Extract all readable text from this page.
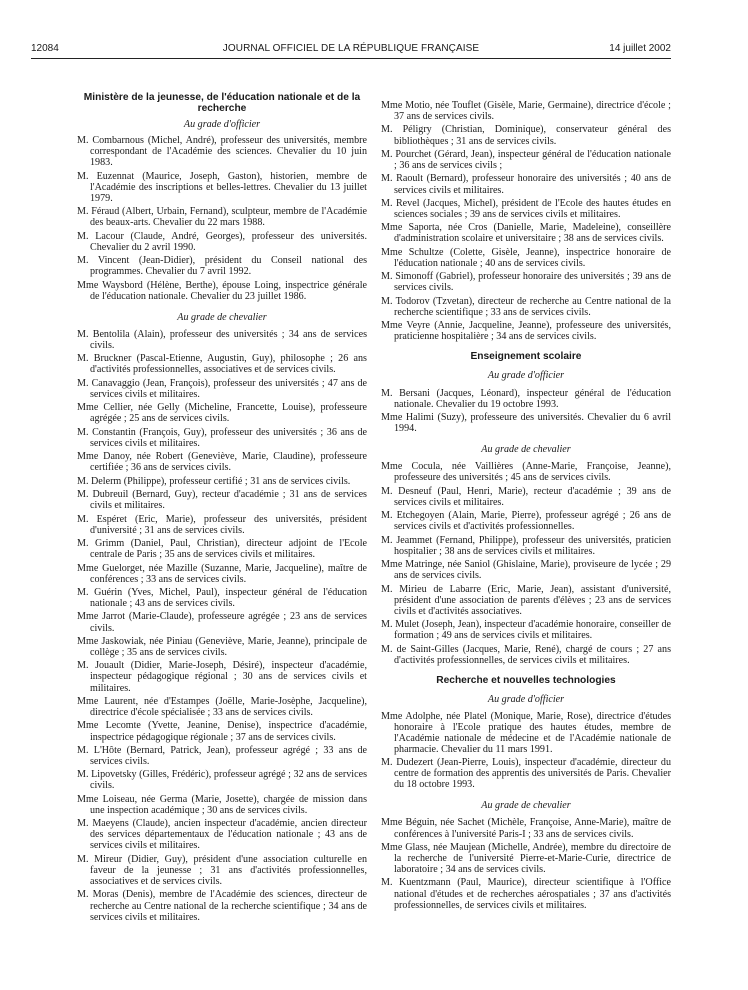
12084	JOURNAL OFFICIEL DE LA RÉPUBLIQUE FRANÇAISE	14 juillet 2002
Ministère de la jeunesse, de l'éducation nationale et de la recherche
Au grade d'officier

M. Combarnous (Michel, André), professeur des universités, membre correspondant de l'Académie des sciences. Chevalier du 10 juin 1983.

M. Euzennat (Maurice, Joseph, Gaston), historien, membre de l'Académie des inscriptions et belles-lettres. Chevalier du 13 juillet 1979.

M. Féraud (Albert, Urbain, Fernand), sculpteur, membre de l'Académie des beaux-arts. Chevalier du 22 mars 1988.

M. Lacour (Claude, André, Georges), professeur des universités. Chevalier du 2 avril 1990.

M. Vincent (Jean-Didier), président du Conseil national des programmes. Chevalier du 7 avril 1992.

Mme Waysbord (Hélène, Berthe), épouse Loing, inspectrice générale de l'éducation nationale. Chevalier du 23 juillet 1986.

Au grade de chevalier

M. Bentolila (Alain), professeur des universités ; 34 ans de services civils.

M. Bruckner (Pascal-Etienne, Augustin, Guy), philosophe ; 26 ans d'activités professionnelles, associatives et de services civils.

M. Canavaggio (Jean, François), professeur des universités ; 47 ans de services civils et militaires.

Mme Cellier, née Gelly (Micheline, Francette, Louise), professeure agrégée ; 25 ans de services civils.

M. Constantin (François, Guy), professeur des universités ; 36 ans de services civils et militaires.

Mme Danoy, née Robert (Geneviève, Marie, Claudine), professeure certifiée ; 36 ans de services civils.

M. Delerm (Philippe), professeur certifié ; 31 ans de services civils.

M. Dubreuil (Bernard, Guy), recteur d'académie ; 31 ans de services civils et militaires.

M. Espéret (Eric, Marie), professeur des universités, président d'université ; 31 ans de services civils.

M. Grimm (Daniel, Paul, Christian), directeur adjoint de l'Ecole centrale de Paris ; 35 ans de services civils et militaires.

Mme Guelorget, née Mazille (Suzanne, Marie, Jacqueline), maître de conférences ; 33 ans de services civils.

M. Guérin (Yves, Michel, Paul), inspecteur général de l'éducation nationale ; 43 ans de services civils.

Mme Jarrot (Marie-Claude), professeure agrégée ; 23 ans de services civils.

Mme Jaskowiak, née Piniau (Geneviève, Marie, Jeanne), principale de collège ; 35 ans de services civils.

M. Jouault (Didier, Marie-Joseph, Désiré), inspecteur d'académie, inspecteur pédagogique régional ; 30 ans de services civils et militaires.

Mme Laurent, née d'Estampes (Joëlle, Marie-Josèphe, Jacqueline), directrice d'école spécialisée ; 33 ans de services civils.

Mme Lecomte (Yvette, Jeanine, Denise), inspectrice d'académie, inspectrice pédagogique régionale ; 37 ans de services civils.

M. L'Hôte (Bernard, Patrick, Jean), professeur agrégé ; 33 ans de services civils.

M. Lipovetsky (Gilles, Frédéric), professeur agrégé ; 32 ans de services civils.

Mme Loiseau, née Germa (Marie, Josette), chargée de mission dans une inspection académique ; 30 ans de services civils.

M. Maeyens (Claude), ancien inspecteur d'académie, ancien directeur des services départementaux de l'éducation nationale ; 43 ans de services civils et militaires.

M. Mireur (Didier, Guy), président d'une association culturelle en faveur de la jeunesse ; 31 ans d'activités professionnelles, associatives et de services civils.

M. Moras (Denis), membre de l'Académie des sciences, directeur de recherche au Centre national de la recherche scientifique ; 34 ans de services civils et militaires.

Mme Motio, née Touflet (Gisèle, Marie, Germaine), directrice d'école ; 37 ans de services civils.

M. Péligry (Christian, Dominique), conservateur général des bibliothèques ; 31 ans de services civils.

M. Pourchet (Gérard, Jean), inspecteur général de l'éducation nationale ; 36 ans de services civils ;

M. Raoult (Bernard), professeur honoraire des universités ; 40 ans de services civils et militaires.

M. Revel (Jacques, Michel), président de l'Ecole des hautes études en sciences sociales ; 39 ans de services civils et militaires.

Mme Saporta, née Cros (Danielle, Marie, Madeleine), conseillère d'administration scolaire et universitaire ; 38 ans de services civils.

Mme Schultze (Colette, Gisèle, Jeanne), inspectrice honoraire de l'éducation nationale ; 40 ans de services civils.

M. Simonoff (Gabriel), professeur honoraire des universités ; 39 ans de services civils.

M. Todorov (Tzvetan), directeur de recherche au Centre national de la recherche scientifique ; 33 ans de services civils.

Mme Veyre (Annie, Jacqueline, Jeanne), professeure des universités, praticienne hospitalière ; 34 ans de services civils.

Enseignement scolaire
Au grade d'officier

M. Bersani (Jacques, Léonard), inspecteur général de l'éducation nationale. Chevalier du 19 octobre 1993.

Mme Halimi (Suzy), professeure des universités. Chevalier du 6 avril 1994.

Au grade de chevalier

Mme Cocula, née Vaillières (Anne-Marie, Françoise, Jeanne), professeure des universités ; 45 ans de services civils.

M. Desneuf (Paul, Henri, Marie), recteur d'académie ; 39 ans de services civils et militaires.

M. Etchegoyen (Alain, Marie, Pierre), professeur agrégé ; 26 ans de services civils et d'activités professionnelles.

M. Jeammet (Fernand, Philippe), professeur des universités, praticien hospitalier ; 38 ans de services civils et militaires.

Mme Matringe, née Saniol (Ghislaine, Marie), proviseure de lycée ; 29 ans de services civils.

M. Mirieu de Labarre (Eric, Marie, Jean), assistant d'université, président d'une association de parents d'élèves ; 23 ans de services civils et d'activités associatives.

M. Mulet (Joseph, Jean), inspecteur d'académie honoraire, conseiller de formation ; 49 ans de services civils et militaires.

M. de Saint-Gilles (Jacques, Marie, René), chargé de cours ; 27 ans d'activités professionnelles, de services civils et militaires.

Recherche et nouvelles technologies
Au grade d'officier

Mme Adolphe, née Platel (Monique, Marie, Rose), directrice d'études honoraire à l'Ecole pratique des hautes études, membre de l'Académie nationale de médecine et de l'Académie nationale de pharmacie. Chevalier du 11 mars 1991.

M. Dudezert (Jean-Pierre, Louis), inspecteur d'académie, directeur du centre de formation des apprentis des universités de Paris. Chevalier du 18 octobre 1993.

Au grade de chevalier

Mme Béguin, née Sachet (Michèle, Françoise, Anne-Marie), maître de conférences à l'université Paris-I ; 33 ans de services civils.

Mme Glass, née Maujean (Michelle, Andrée), membre du directoire de la recherche de l'université Pierre-et-Marie-Curie, directrice de laboratoire ; 34 ans de services civils.

M. Kuentzmann (Paul, Maurice), directeur scientifique à l'Office national d'études et de recherches aérospatiales ; 37 ans d'activités professionnelles, de services civils et militaires.
